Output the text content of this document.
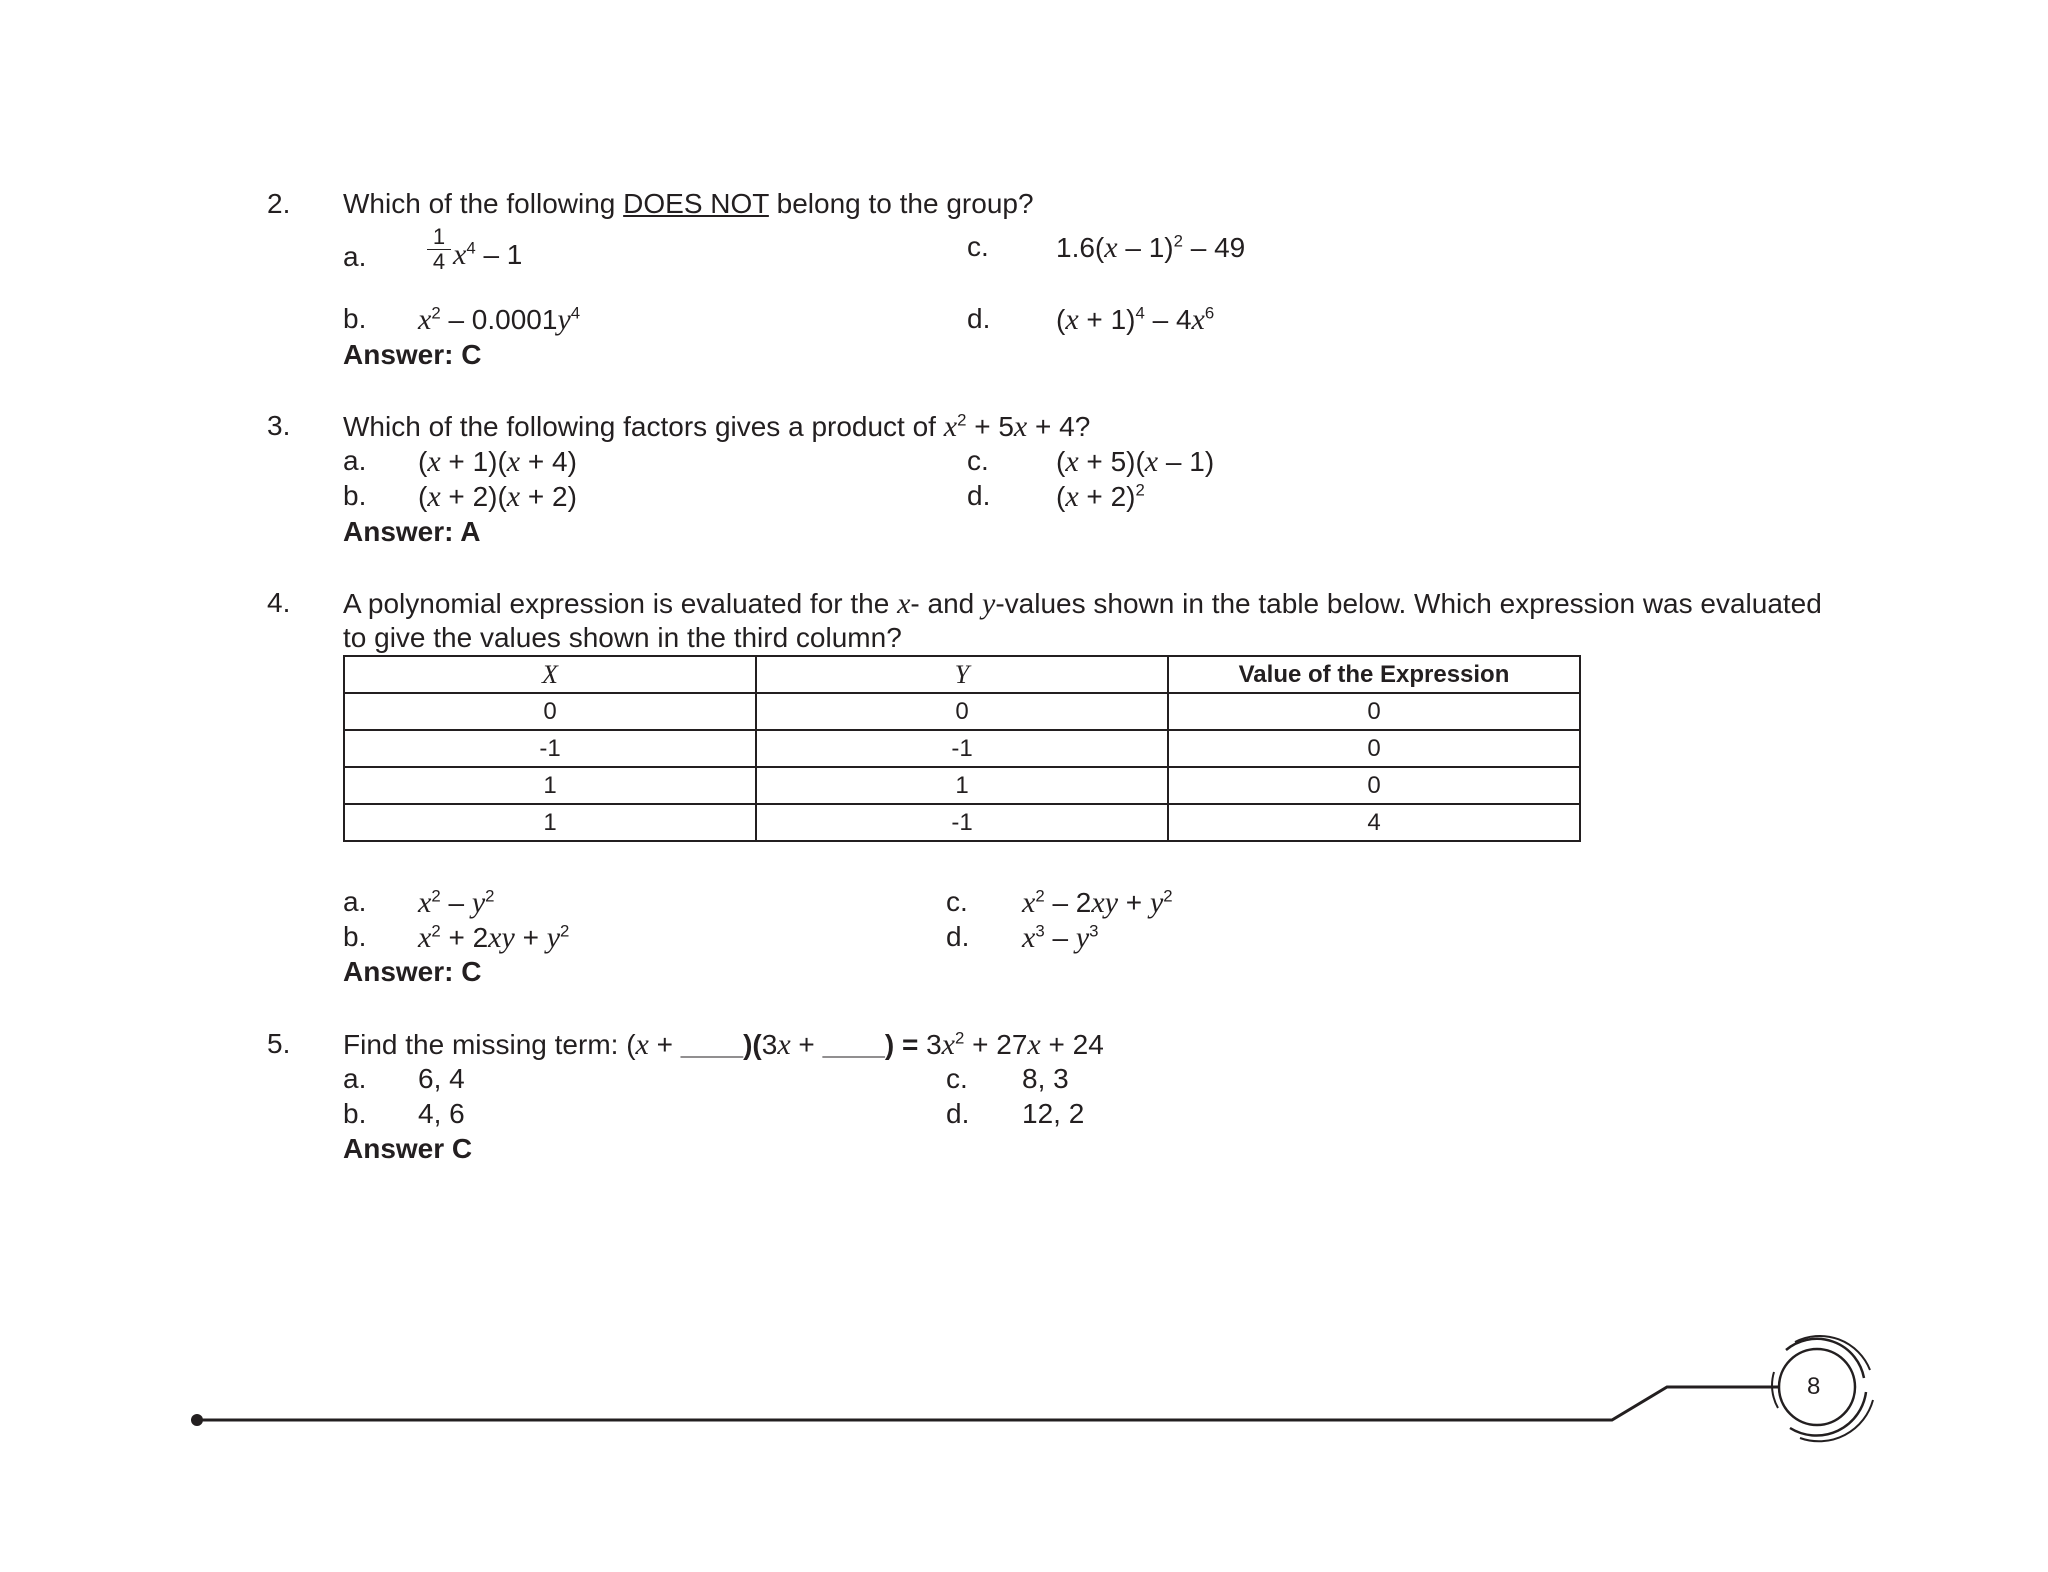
2. Which of the following DOES NOT belong to the group?
a.	$\frac{1}{4} x^4 - 1$	c. 1.6(x – 1)$^2$ – 49
b. $x^2 - 0.0001y^4$	d. $(x + 1)^4 - 4x^6$
Answer: C
3. Which of the following factors gives a product of $x^2 + 5x + 4$?
a. (x + 1)(x + 4)	c. (x + 5)(x – 1)
b. (x + 2)(x + 2)	d. $(x + 2)^2$
Answer: A
4. A polynomial expression is evaluated for the x- and y-values shown in the table below. Which expression was evaluated
to give the values shown in the third column?
X	Y	Value of the Expression
0	0	0
-1	-1	0
1	1	0
1	-1	4
a. $x^2 - y^2$	c. $x^2 - 2xy + y^2$
b. $x^2 + 2xy + y^2$	d. $x^3 - y^3$
Answer: C
5. Find the missing term: (x + ____)(3x + ____) = $3x^2 + 27x + 24$
a. 6, 4	c. 8, 3
b. 4, 6	d. 12, 2
Answer C
8
